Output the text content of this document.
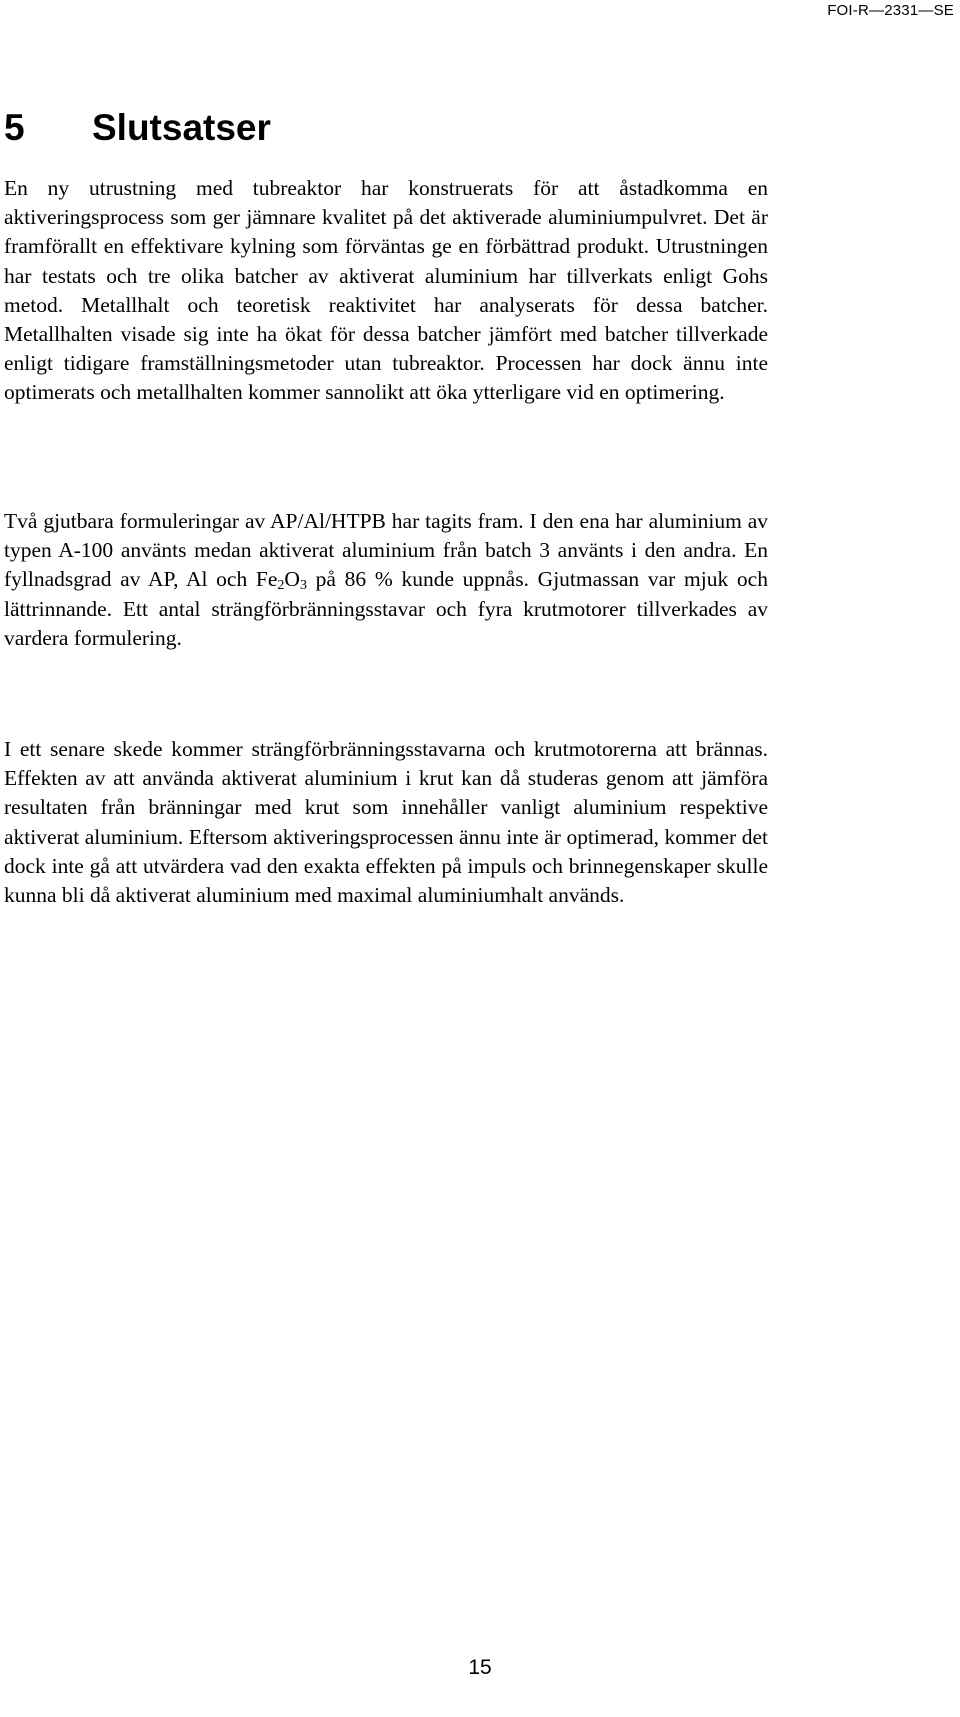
FOI-R—2331—SE
5 Slutsatser

En ny utrustning med tubreaktor har konstruerats för att åstadkomma en aktiveringsprocess som ger jämnare kvalitet på det aktiverade aluminiumpulvret. Det är framförallt en effektivare kylning som förväntas ge en förbättrad produkt. Utrustningen har testats och tre olika batcher av aktiverat aluminium har tillverkats enligt Gohs metod. Metallhalt och teoretisk reaktivitet har analyserats för dessa batcher. Metallhalten visade sig inte ha ökat för dessa batcher jämfört med batcher tillverkade enligt tidigare framställningsmetoder utan tubreaktor. Processen har dock ännu inte optimerats och metallhalten kommer sannolikt att öka ytterligare vid en optimering.

Två gjutbara formuleringar av AP/Al/HTPB har tagits fram. I den ena har aluminium av typen A-100 använts medan aktiverat aluminium från batch 3 använts i den andra. En fyllnadsgrad av AP, Al och $Fe_2O_3$ på 86 % kunde uppnås. Gjutmassan var mjuk och lättrinnande. Ett antal strängförbränningsstavar och fyra krutmotorer tillverkades av vardera formulering.

I ett senare skede kommer strängförbränningsstavarna och krutmotorerna att brännas. Effekten av att använda aktiverat aluminium i krut kan då studeras genom att jämföra resultaten från bränningar med krut som innehåller vanligt aluminium respektive aktiverat aluminium. Eftersom aktiveringsprocessen ännu inte är optimerad, kommer det dock inte gå att utvärdera vad den exakta effekten på impuls och brinnegenskaper skulle kunna bli då aktiverat aluminium med maximal aluminiumhalt används.

15
